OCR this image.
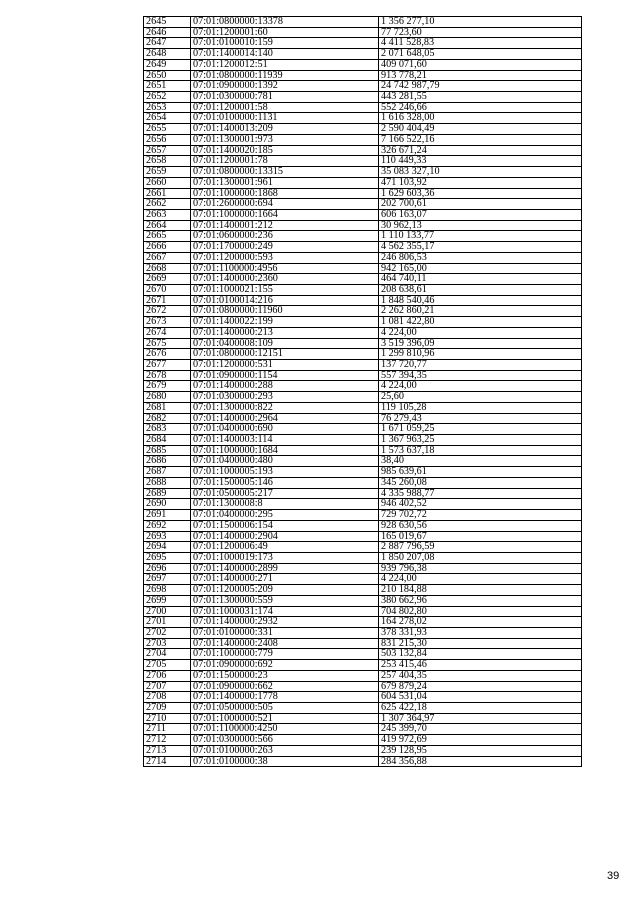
2645	07:01:0800000:13378	1 356 277,10
2646	07:01:1200001:60	77 723,60
2647	07:01:0100010:159	4 411 528,83
2648	07:01:1400014:140	2 071 648,05
2649	07:01:1200012:51	409 071,60
2650	07:01:0800000:11939	913 778,21
2651	07:01:0900000:1392	24 742 987,79
2652	07:01:0300000:781	443 281,55
2653	07:01:1200001:58	552 246,66
2654	07:01:0100000:1131	1 616 328,00
2655	07:01:1400013:209	2 590 404,49
2656	07:01:1300001:973	7 166 522,16
2657	07:01:1400020:185	326 671,24
2658	07:01:1200001:78	110 449,33
2659	07:01:0800000:13315	35 083 327,10
2660	07:01:1300001:961	471 103,92
2661	07:01:1000000:1868	1 629 603,36
2662	07:01:2600000:694	202 700,61
2663	07:01:1000000:1664	606 163,07
2664	07:01:1400001:212	30 962,13
2665	07:01:0600000:236	1 110 133,77
2666	07:01:1700000:249	4 562 355,17
2667	07:01:1200000:593	246 806,53
2668	07:01:1100000:4956	942 165,00
2669	07:01:1400000:2360	464 740,11
2670	07:01:1000021:155	208 638,61
2671	07:01:0100014:216	1 848 540,46
2672	07:01:0800000:11960	2 262 860,21
2673	07:01:1400022:199	1 081 422,80
2674	07:01:1400000:213	4 224,00
2675	07:01:0400008:109	3 519 396,09
2676	07:01:0800000:12151	1 299 810,96
2677	07:01:1200000:531	137 720,77
2678	07:01:0900000:1154	557 394,35
2679	07:01:1400000:288	4 224,00
2680	07:01:0300000:293	25,60
2681	07:01:1300000:822	119 105,28
2682	07:01:1400000:2964	76 279,43
2683	07:01:0400000:690	1 671 059,25
2684	07:01:1400003:114	1 367 963,25
2685	07:01:1000000:1684	1 573 637,18
2686	07:01:0400000:480	38,40
2687	07:01:1000005:193	985 639,61
2688	07:01:1500005:146	345 260,08
2689	07:01:0500005:217	4 335 988,77
2690	07:01:1300008:8	946 402,52
2691	07:01:0400000:295	729 702,72
2692	07:01:1500006:154	928 630,56
2693	07:01:1400000:2904	165 019,67
2694	07:01:1200006:49	2 887 796,59
2695	07:01:1000019:173	1 850 207,08
2696	07:01:1400000:2899	939 796,38
2697	07:01:1400000:271	4 224,00
2698	07:01:1200005:209	210 184,88
2699	07:01:1300000:559	380 662,96
2700	07:01:1000031:174	704 802,80
2701	07:01:1400000:2932	164 278,02
2702	07:01:0100000:331	378 331,93
2703	07:01:1400000:2408	831 215,30
2704	07:01:1000000:779	503 132,84
2705	07:01:0900000:692	253 415,46
2706	07:01:1500000:23	257 404,35
2707	07:01:0900000:662	679 879,24
2708	07:01:1400000:1778	604 531,04
2709	07:01:0500000:505	625 422,18
2710	07:01:1000000:521	1 307 364,97
2711	07:01:1100000:4250	245 399,70
2712	07:01:0300000:566	419 972,69
2713	07:01:0100000:263	239 128,95
2714	07:01:0100000:38	284 356,88
39
